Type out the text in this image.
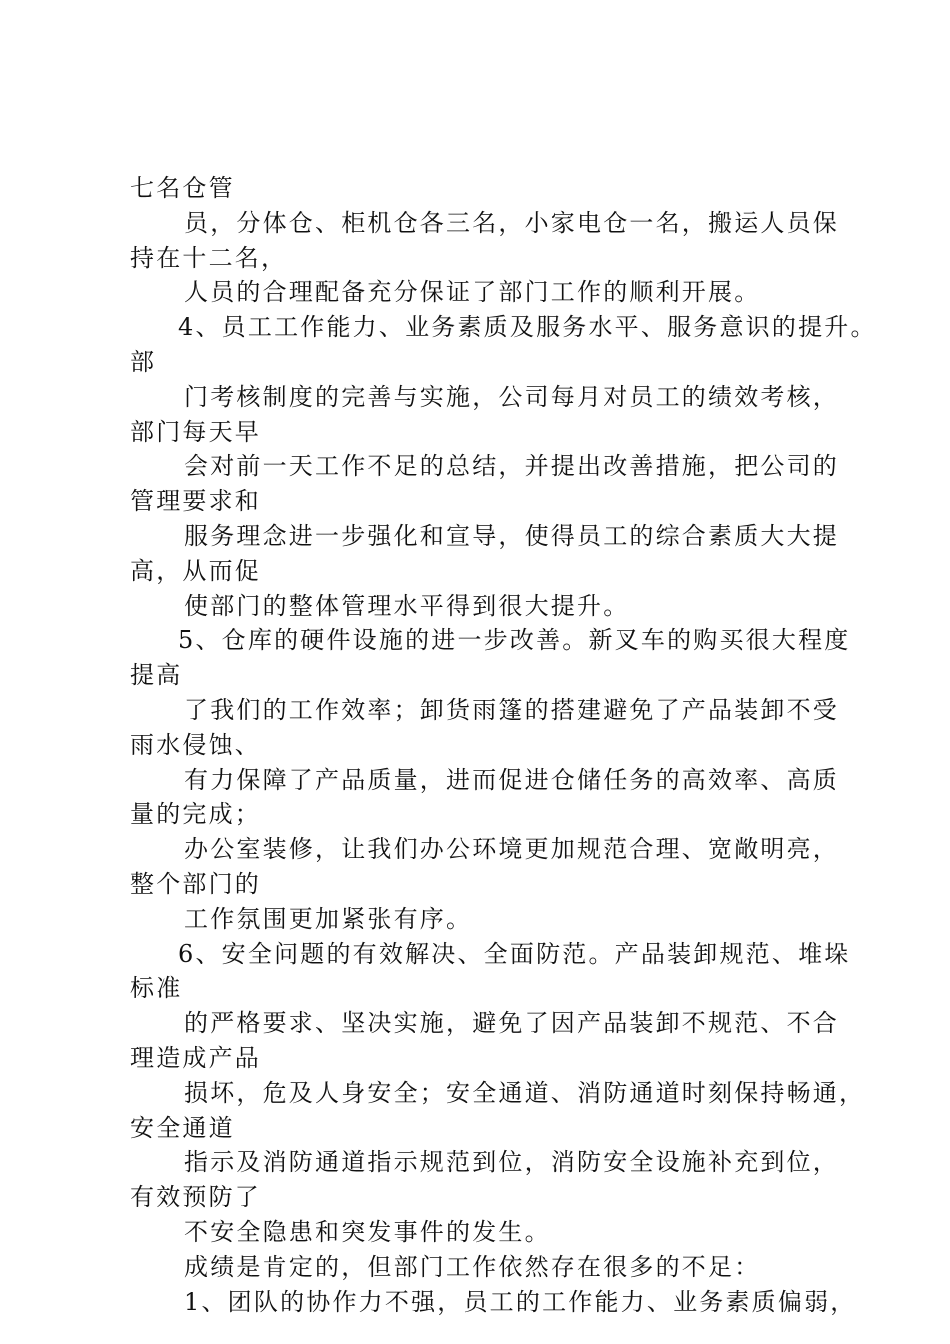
七名仓管
员，分体仓、柜机仓各三名，小家电仓一名，搬运人员保
持在十二名，
人员的合理配备充分保证了部门工作的顺利开展。
4、员工工作能力、业务素质及服务水平、服务意识的提升。
部
门考核制度的完善与实施，公司每月对员工的绩效考核，
部门每天早
会对前一天工作不足的总结，并提出改善措施，把公司的
管理要求和
服务理念进一步强化和宣导，使得员工的综合素质大大提
高，从而促
使部门的整体管理水平得到很大提升。
5、仓库的硬件设施的进一步改善。新叉车的购买很大程度
提高
了我们的工作效率；卸货雨篷的搭建避免了产品装卸不受
雨水侵蚀、
有力保障了产品质量，进而促进仓储任务的高效率、高质
量的完成；
办公室装修，让我们办公环境更加规范合理、宽敞明亮，
整个部门的
工作氛围更加紧张有序。
6、安全问题的有效解决、全面防范。产品装卸规范、堆垛
标准
的严格要求、坚决实施，避免了因产品装卸不规范、不合
理造成产品
损坏，危及人身安全；安全通道、消防通道时刻保持畅通，
安全通道
指示及消防通道指示规范到位，消防安全设施补充到位，
有效预防了
不安全隐患和突发事件的发生。
成绩是肯定的，但部门工作依然存在很多的不足：
1、团队的协作力不强，员工的工作能力、业务素质偏弱，
